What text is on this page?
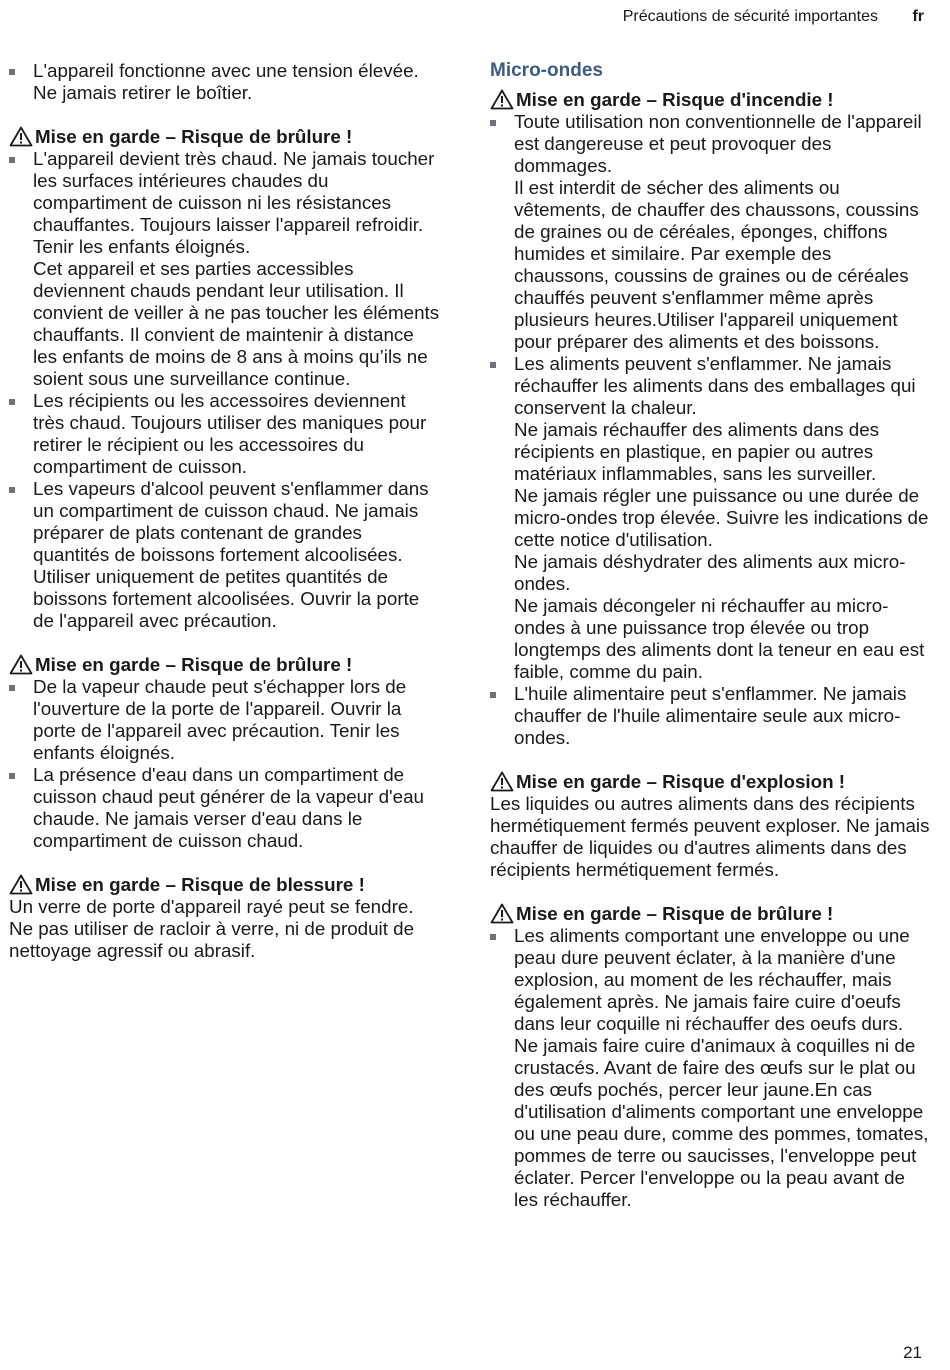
Précautions de sécurité importantes fr
L'appareil fonctionne avec une tension élevée. Ne jamais retirer le boîtier.
Mise en garde – Risque de brûlure !
L'appareil devient très chaud. Ne jamais toucher les surfaces intérieures chaudes du compartiment de cuisson ni les résistances chauffantes. Toujours laisser l'appareil refroidir. Tenir les enfants éloignés.
Cet appareil et ses parties accessibles deviennent chauds pendant leur utilisation. Il convient de veiller à ne pas toucher les éléments chauffants. Il convient de maintenir à distance les enfants de moins de 8 ans à moins qu’ils ne soient sous une surveillance continue.
Les récipients ou les accessoires deviennent très chaud. Toujours utiliser des maniques pour retirer le récipient ou les accessoires du compartiment de cuisson.
Les vapeurs d'alcool peuvent s'enflammer dans un compartiment de cuisson chaud. Ne jamais préparer de plats contenant de grandes quantités de boissons fortement alcoolisées. Utiliser uniquement de petites quantités de boissons fortement alcoolisées. Ouvrir la porte de l'appareil avec précaution.
Mise en garde – Risque de brûlure !
De la vapeur chaude peut s'échapper lors de l'ouverture de la porte de l'appareil. Ouvrir la porte de l'appareil avec précaution. Tenir les enfants éloignés.
La présence d'eau dans un compartiment de cuisson chaud peut générer de la vapeur d'eau chaude. Ne jamais verser d'eau dans le compartiment de cuisson chaud.
Mise en garde – Risque de blessure !

Un verre de porte d'appareil rayé peut se fendre. Ne pas utiliser de racloir à verre, ni de produit de nettoyage agressif ou abrasif.

Micro-ondes
Mise en garde – Risque d'incendie !
Toute utilisation non conventionnelle de l'appareil est dangereuse et peut provoquer des dommages.
Il est interdit de sécher des aliments ou vêtements, de chauffer des chaussons, coussins de graines ou de céréales, éponges, chiffons humides et similaire. Par exemple des chaussons, coussins de graines ou de céréales chauffés peuvent s'enflammer même après plusieurs heures.Utiliser l'appareil uniquement pour préparer des aliments et des boissons.
Les aliments peuvent s'enflammer. Ne jamais réchauffer les aliments dans des emballages qui conservent la chaleur.
Ne jamais réchauffer des aliments dans des récipients en plastique, en papier ou autres matériaux inflammables, sans les surveiller.
Ne jamais régler une puissance ou une durée de micro-ondes trop élevée. Suivre les indications de cette notice d'utilisation.
Ne jamais déshydrater des aliments aux micro-ondes.
Ne jamais décongeler ni réchauffer au micro-ondes à une puissance trop élevée ou trop longtemps des aliments dont la teneur en eau est faible, comme du pain.
L'huile alimentaire peut s'enflammer. Ne jamais chauffer de l'huile alimentaire seule aux micro-ondes.
Mise en garde – Risque d'explosion !

Les liquides ou autres aliments dans des récipients hermétiquement fermés peuvent exploser. Ne jamais chauffer de liquides ou d'autres aliments dans des récipients hermétiquement fermés.

Mise en garde – Risque de brûlure !
Les aliments comportant une enveloppe ou une peau dure peuvent éclater, à la manière d'une explosion, au moment de les réchauffer, mais également après. Ne jamais faire cuire d'oeufs dans leur coquille ni réchauffer des oeufs durs. Ne jamais faire cuire d'animaux à coquilles ni de crustacés. Avant de faire des œufs sur le plat ou des œufs pochés, percer leur jaune.En cas d'utilisation d'aliments comportant une enveloppe ou une peau dure, comme des pommes, tomates, pommes de terre ou saucisses, l'enveloppe peut éclater. Percer l'enveloppe ou la peau avant de les réchauffer.
21
